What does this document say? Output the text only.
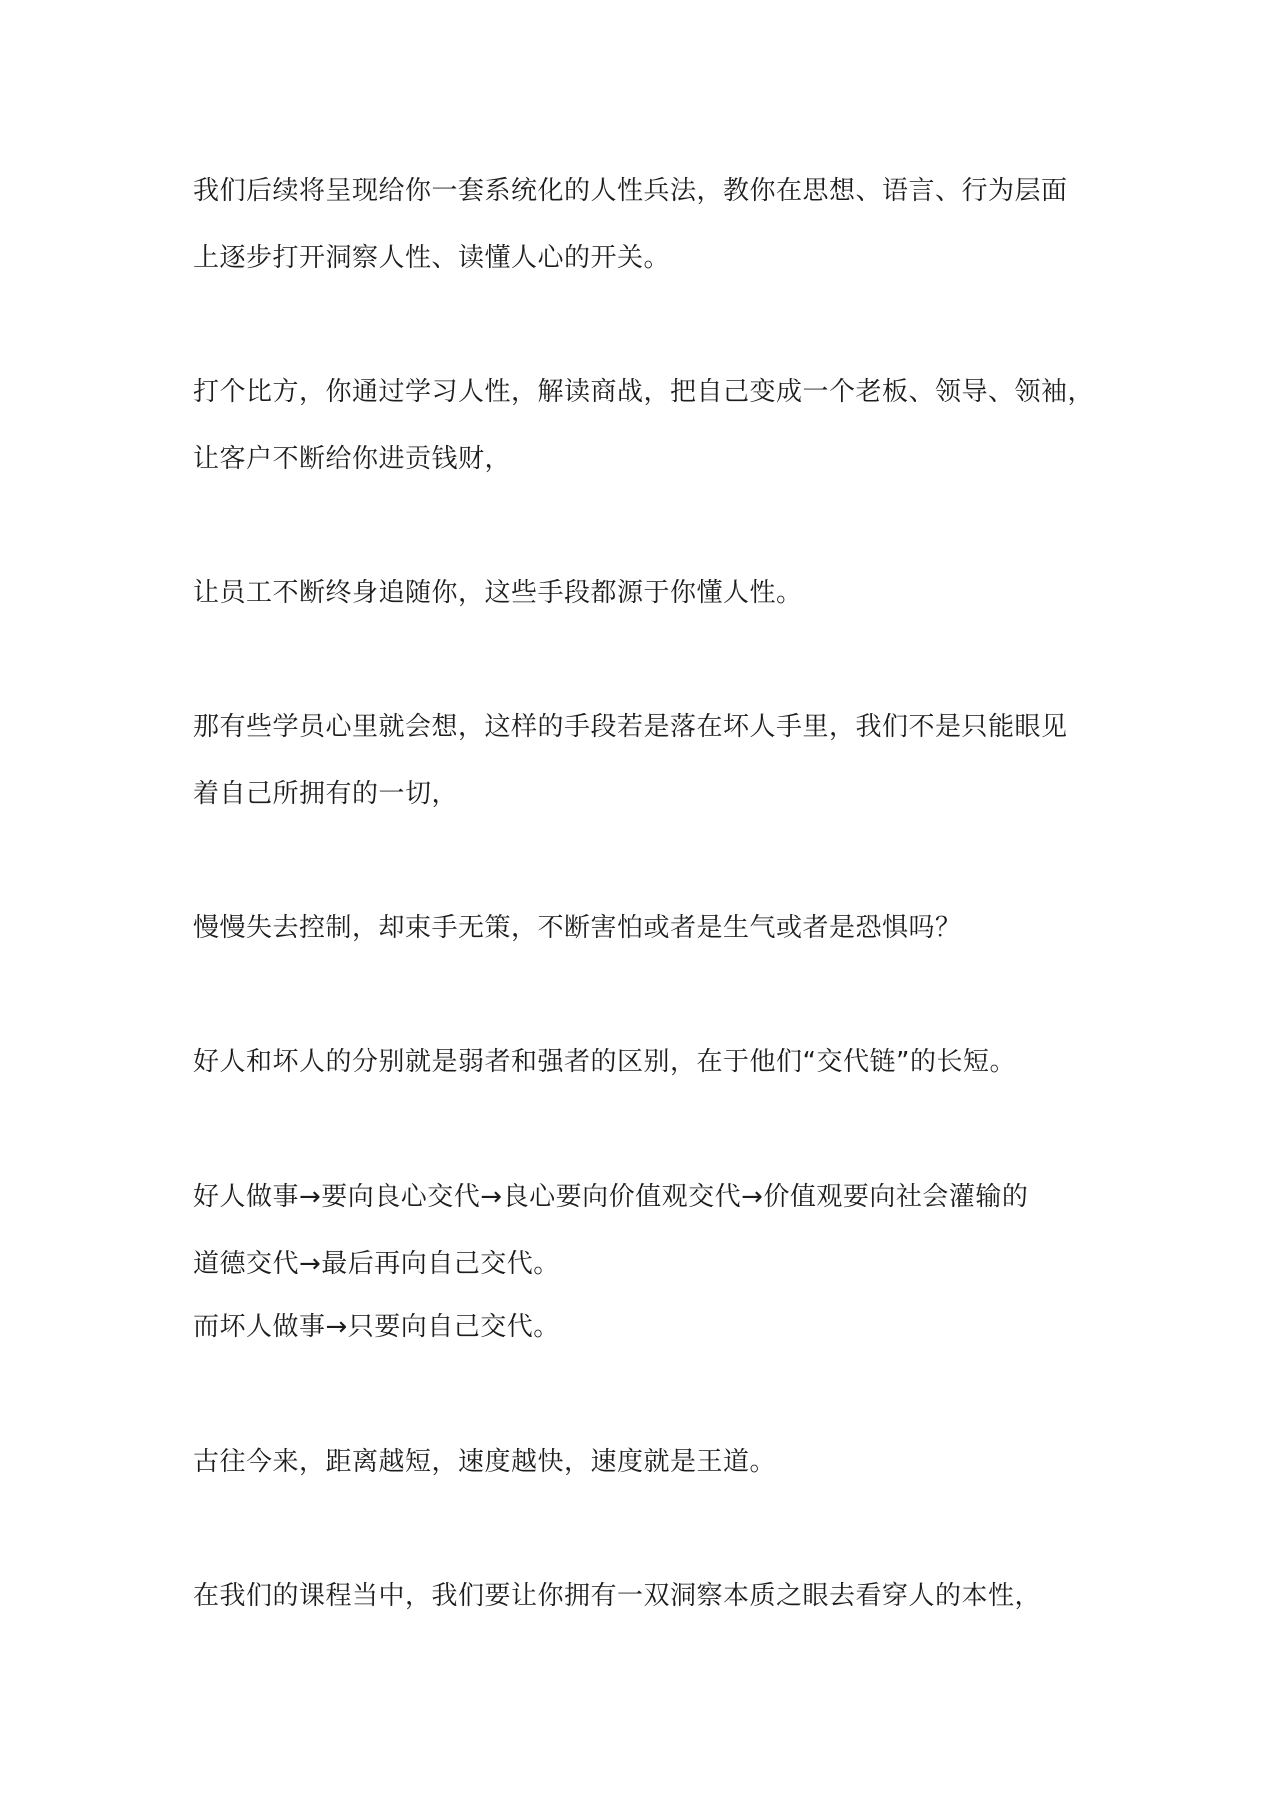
我们后续将呈现给你一套系统化的人性兵法，教你在思想、语言、行为层面
上逐步打开洞察人性、读懂人心的开关。
打个比方，你通过学习人性，解读商战，把自己变成一个老板、领导、领袖，
让客户不断给你进贡钱财，
让员工不断终身追随你，这些手段都源于你懂人性。
那有些学员心里就会想，这样的手段若是落在坏人手里，我们不是只能眼见
着自己所拥有的一切，
慢慢失去控制，却束手无策，不断害怕或者是生气或者是恐惧吗？
好人和坏人的分别就是弱者和强者的区别，在于他们“交代链”的长短。
好人做事→要向良心交代→良心要向价值观交代→价值观要向社会灌输的
道德交代→最后再向自己交代。
而坏人做事→只要向自己交代。
古往今来，距离越短，速度越快，速度就是王道。
在我们的课程当中，我们要让你拥有一双洞察本质之眼去看穿人的本性，
